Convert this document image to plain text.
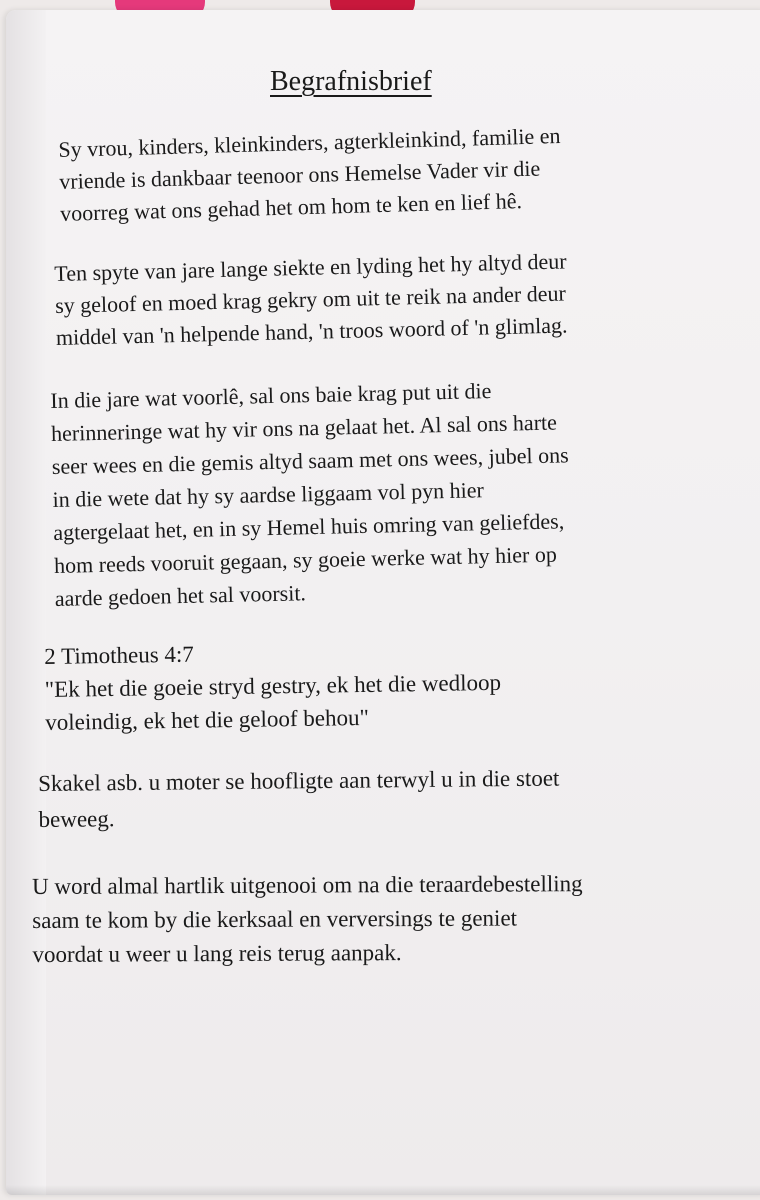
Begrafnisbrief
Sy vrou, kinders, kleinkinders, agterkleinkind, familie en
vriende is dankbaar teenoor ons Hemelse Vader vir die
voorreg wat ons gehad het om hom te ken en lief hê.
Ten spyte van jare lange siekte en lyding het hy altyd deur
sy geloof en moed krag gekry om uit te reik na ander deur
middel van 'n helpende hand, 'n troos woord of 'n glimlag.
In die jare wat voorlê, sal ons baie krag put uit die
herinneringe wat hy vir ons na gelaat het. Al sal ons harte
seer wees en die gemis altyd saam met ons wees, jubel ons
in die wete dat hy sy aardse liggaam vol pyn hier
agtergelaat het, en in sy Hemel huis omring van geliefdes,
hom reeds vooruit gegaan, sy goeie werke wat hy hier op
aarde gedoen het sal voorsit.
2 Timotheus 4:7
"Ek het die goeie stryd gestry, ek het die wedloop
voleindig, ek het die geloof behou"
Skakel asb. u moter se hoofligte aan terwyl u in die stoet
beweeg.
U word almal hartlik uitgenooi om na die teraardebestelling
saam te kom by die kerksaal en verversings te geniet
voordat u weer u lang reis terug aanpak.
